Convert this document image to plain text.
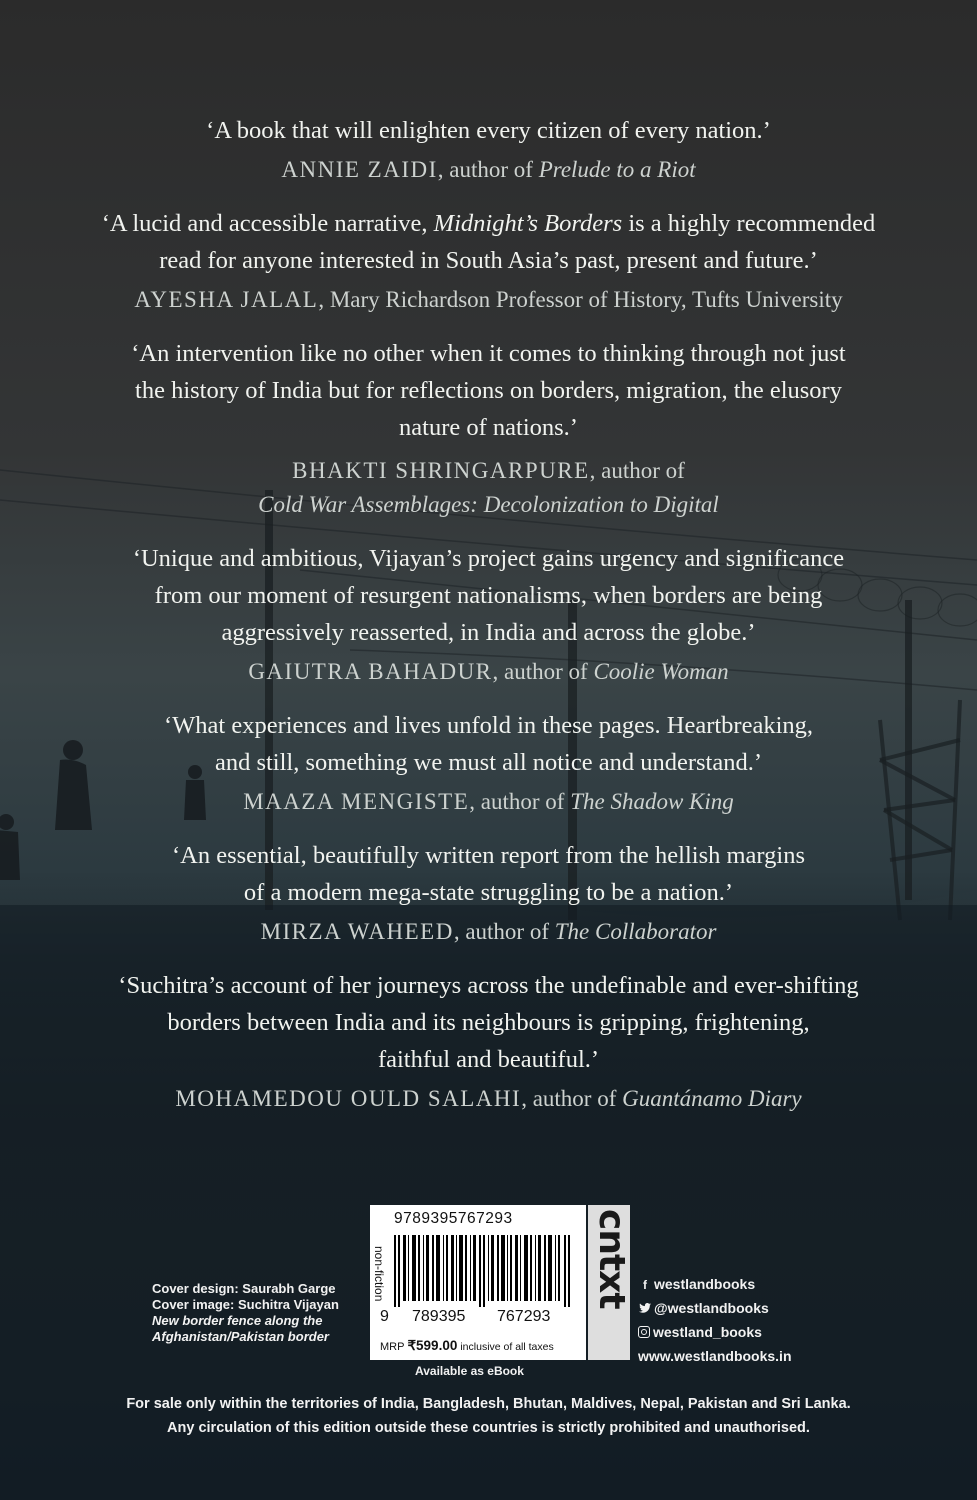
‘A book that will enlighten every citizen of every nation.’
ANNIE ZAIDI, author of Prelude to a Riot
‘A lucid and accessible narrative, Midnight’s Borders is a highly recommended
read for anyone interested in South Asia’s past, present and future.’
AYESHA JALAL, Mary Richardson Professor of History, Tufts University
‘An intervention like no other when it comes to thinking through not just
the history of India but for reflections on borders, migration, the elusory
nature of nations.’
BHAKTI SHRINGARPURE, author of
Cold War Assemblages: Decolonization to Digital
‘Unique and ambitious, Vijayan’s project gains urgency and significance
from our moment of resurgent nationalisms, when borders are being
aggressively reasserted, in India and across the globe.’
GAIUTRA BAHADUR, author of Coolie Woman
‘What experiences and lives unfold in these pages. Heartbreaking,
and still, something we must all notice and understand.’
MAAZA MENGISTE, author of The Shadow King
‘An essential, beautifully written report from the hellish margins
of a modern mega-state struggling to be a nation.’
MIRZA WAHEED, author of The Collaborator
‘Suchitra’s account of her journeys across the undefinable and ever-shifting
borders between India and its neighbours is gripping, frightening,
faithful and beautiful.’
MOHAMEDOU OULD SALAHI, author of Guantánamo Diary
Cover design: Saurabh Garge
Cover image: Suchitra Vijayan
New border fence along the
Afghanistan/Pakistan border
9789395767293
9 789395 767293
MRP ₹599.00 inclusive of all taxes
non-fiction	cntxt
Available as eBook
f westlandbooks
@westlandbooks
westland_books
www.westlandbooks.in
For sale only within the territories of India, Bangladesh, Bhutan, Maldives, Nepal, Pakistan and Sri Lanka.
Any circulation of this edition outside these countries is strictly prohibited and unauthorised.
